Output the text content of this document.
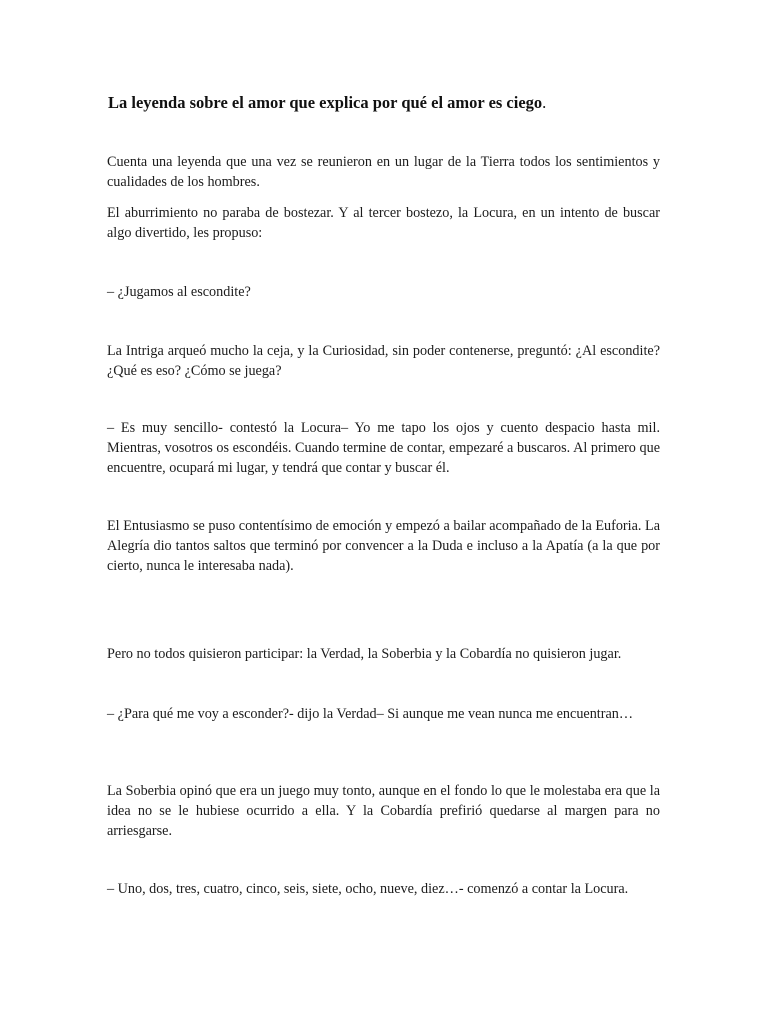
La leyenda sobre el amor que explica por qué el amor es ciego.

Cuenta una leyenda que una vez se reunieron en un lugar de la Tierra todos los sentimientos y cualidades de los hombres.

El aburrimiento no paraba de bostezar. Y al tercer bostezo, la Locura, en un intento de buscar algo divertido, les propuso:

– ¿Jugamos al escondite?

La Intriga arqueó mucho la ceja, y la Curiosidad, sin poder contenerse, preguntó: ¿Al escondite? ¿Qué es eso? ¿Cómo se juega?

– Es muy sencillo- contestó la Locura– Yo me tapo los ojos y cuento despacio hasta mil. Mientras, vosotros os escondéis. Cuando termine de contar, empezaré a buscaros. Al primero que encuentre, ocupará mi lugar, y tendrá que contar y buscar él.

El Entusiasmo se puso contentísimo de emoción y empezó a bailar acompañado de la Euforia. La Alegría dio tantos saltos que terminó por convencer a la Duda e incluso a la Apatía (a la que por cierto, nunca le interesaba nada).

Pero no todos quisieron participar: la Verdad, la Soberbia y la Cobardía no quisieron jugar.

– ¿Para qué me voy a esconder?- dijo la Verdad– Si aunque me vean nunca me encuentran…

La Soberbia opinó que era un juego muy tonto, aunque en el fondo lo que le molestaba era que la idea no se le hubiese ocurrido a ella. Y la Cobardía prefirió quedarse al margen para no arriesgarse.

– Uno, dos, tres, cuatro, cinco, seis, siete, ocho, nueve, diez…- comenzó a contar la Locura.
